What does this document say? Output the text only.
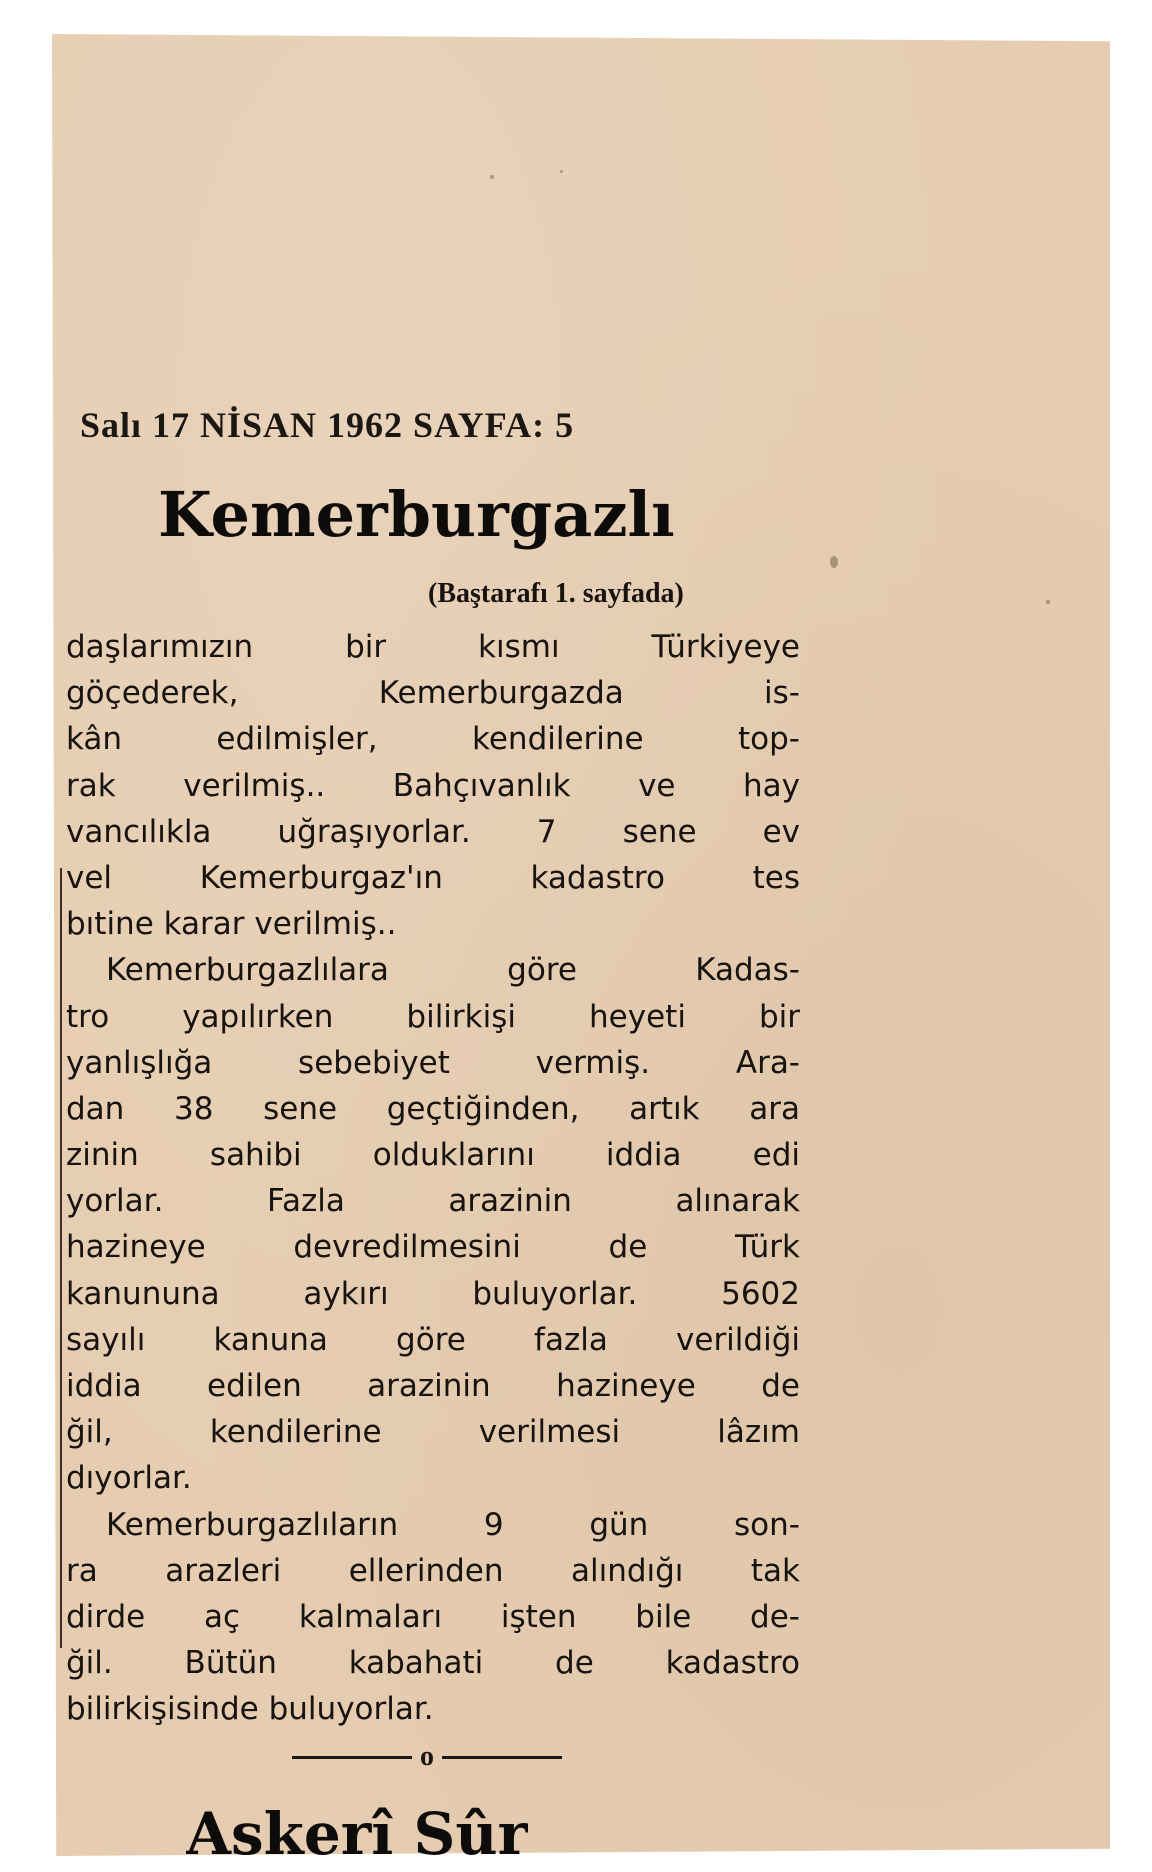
Salı 17 NİSAN 1962 SAYFA: 5
Kemerburgazlı
(Baştarafı 1. sayfada)
daşlarımızın bir kısmı Türkiyeye
göçederek, Kemerburgazda is-
kân edilmişler, kendilerine top-
rak verilmiş.. Bahçıvanlık ve hay
vancılıkla uğraşıyorlar. 7 sene ev
vel Kemerburgaz'ın kadastro tes
bıtine karar verilmiş..
Kemerburgazlılara göre Kadas-
tro yapılırken bilirkişi heyeti bir
yanlışlığa sebebiyet vermiş. Ara-
dan 38 sene geçtiğinden, artık ara
zinin sahibi olduklarını iddia edi
yorlar. Fazla arazinin alınarak
hazineye devredilmesini de Türk
kanununa aykırı buluyorlar. 5602
sayılı kanuna göre fazla verildiği
iddia edilen arazinin hazineye de
ğil, kendilerine verilmesi lâzım
dıyorlar.
Kemerburgazlıların 9 gün son-
ra arazleri ellerinden alındığı tak
dirde aç kalmaları işten bile de-
ğil. Bütün kabahati de kadastro
bilirkişisinde buluyorlar.
o
Askerî Sûr
